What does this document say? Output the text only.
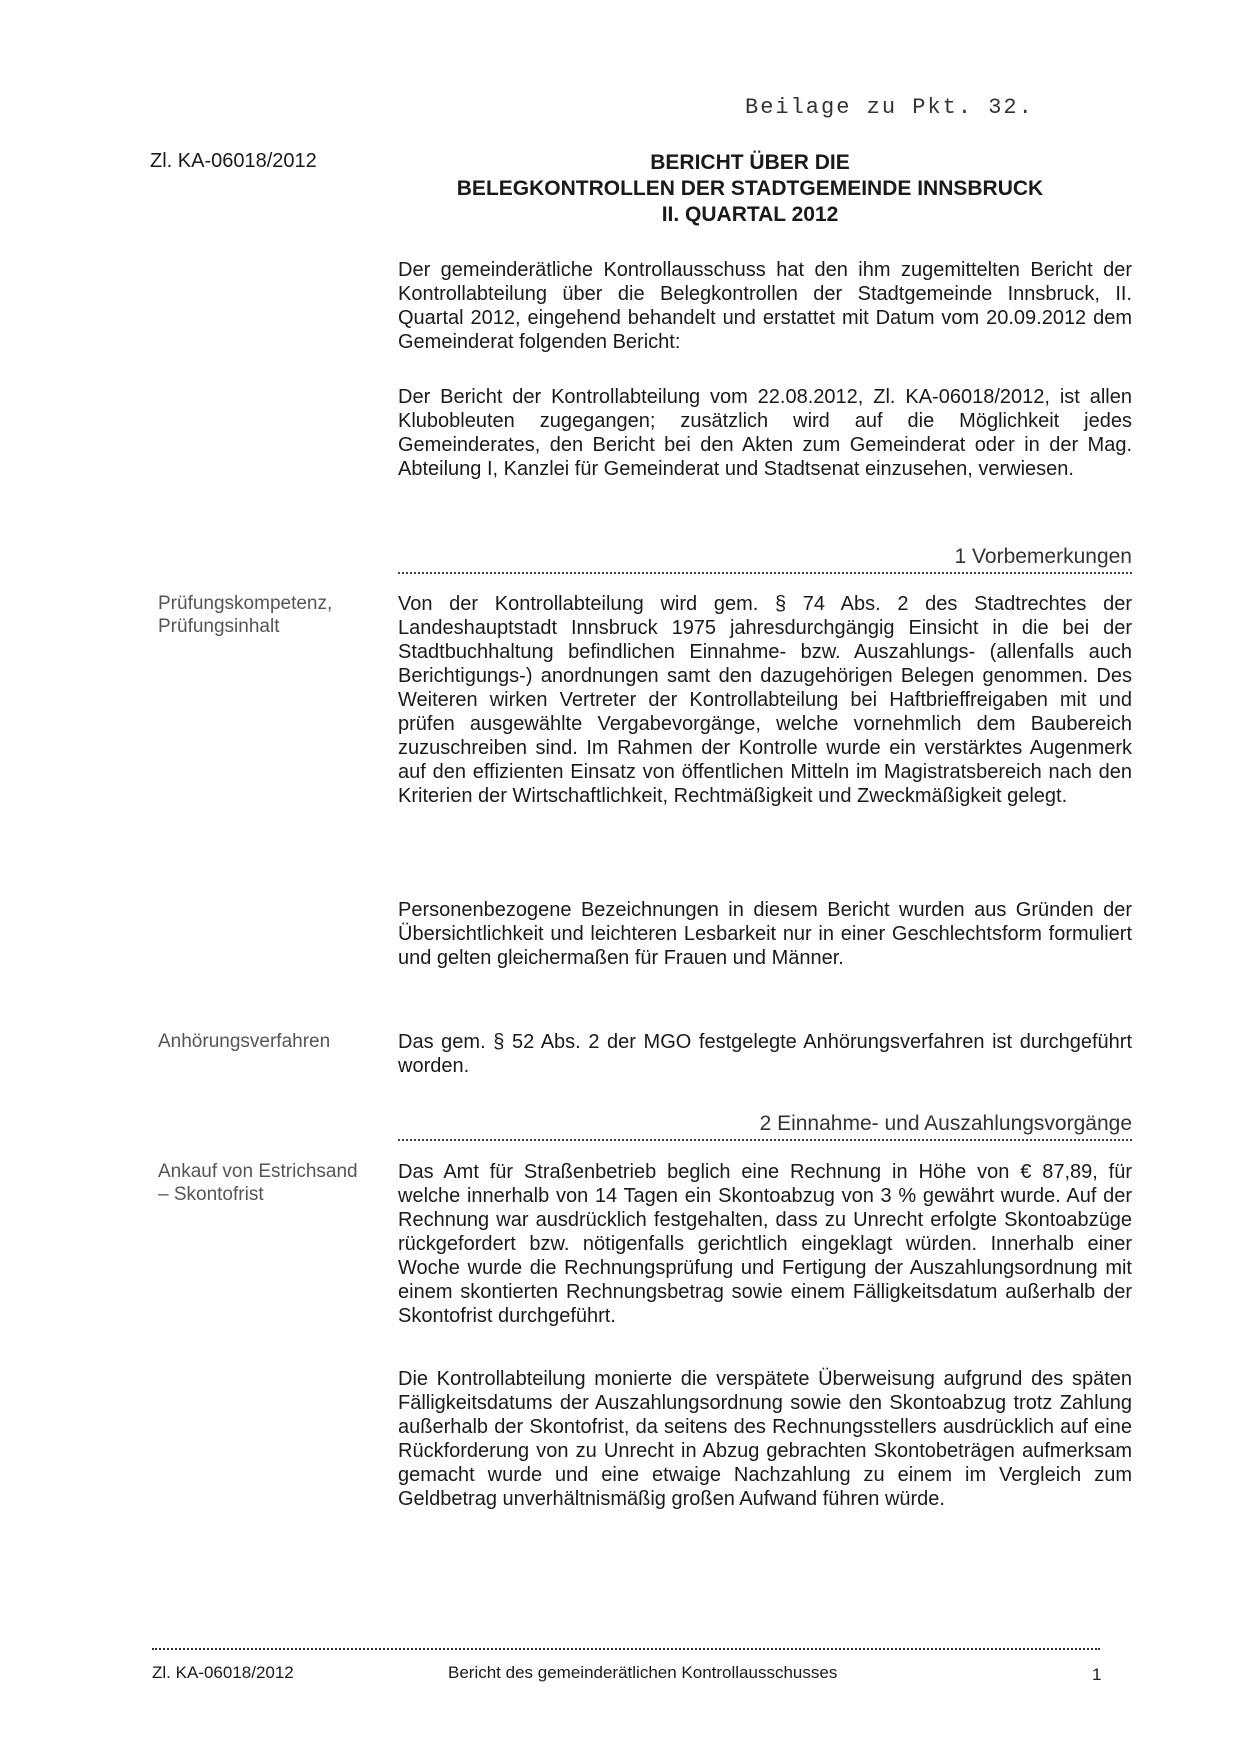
Beilage zu Pkt. 32.
Zl. KA-06018/2012	BERICHT ÜBER DIE
BELEGKONTROLLEN DER STADTGEMEINDE INNSBRUCK
II. QUARTAL 2012

Der gemeinderätliche Kontrollausschuss hat den ihm zugemittelten Bericht der Kontrollabteilung über die Belegkontrollen der Stadtgemeinde Innsbruck, II. Quartal 2012, eingehend behandelt und erstattet mit Datum vom 20.09.2012 dem Gemeinderat folgenden Bericht:

Der Bericht der Kontrollabteilung vom 22.08.2012, Zl. KA-06018/2012, ist allen Klubobleuten zugegangen; zusätzlich wird auf die Möglichkeit jedes Gemeinderates, den Bericht bei den Akten zum Gemeinderat oder in der Mag. Abteilung I, Kanzlei für Gemeinderat und Stadtsenat einzusehen, verwiesen.

1 Vorbemerkungen
Prüfungskompetenz, Prüfungsinhalt

Von der Kontrollabteilung wird gem. § 74 Abs. 2 des Stadtrechtes der Landeshauptstadt Innsbruck 1975 jahresdurchgängig Einsicht in die bei der Stadtbuchhaltung befindlichen Einnahme- bzw. Auszahlungs- (allenfalls auch Berichtigungs-) anordnungen samt den dazugehörigen Belegen genommen. Des Weiteren wirken Vertreter der Kontrollabteilung bei Haftbrieffreigaben mit und prüfen ausgewählte Vergabevorgänge, welche vornehmlich dem Baubereich zuzuschreiben sind. Im Rahmen der Kontrolle wurde ein verstärktes Augenmerk auf den effizienten Einsatz von öffentlichen Mitteln im Magistratsbereich nach den Kriterien der Wirtschaftlichkeit, Rechtmäßigkeit und Zweckmäßigkeit gelegt.

Personenbezogene Bezeichnungen in diesem Bericht wurden aus Gründen der Übersichtlichkeit und leichteren Lesbarkeit nur in einer Geschlechtsform formuliert und gelten gleichermaßen für Frauen und Männer.

Anhörungsverfahren	Das gem. § 52 Abs. 2 der MGO festgelegte Anhörungsverfahren ist durchgeführt worden.

2 Einnahme- und Auszahlungsvorgänge
Ankauf von Estrichsand – Skontofrist

Das Amt für Straßenbetrieb beglich eine Rechnung in Höhe von € 87,89, für welche innerhalb von 14 Tagen ein Skontoabzug von 3 % gewährt wurde. Auf der Rechnung war ausdrücklich festgehalten, dass zu Unrecht erfolgte Skontoabzüge rückgefordert bzw. nötigenfalls gerichtlich eingeklagt würden. Innerhalb einer Woche wurde die Rechnungsprüfung und Fertigung der Auszahlungsordnung mit einem skontierten Rechnungsbetrag sowie einem Fälligkeitsdatum außerhalb der Skontofrist durchgeführt.

Die Kontrollabteilung monierte die verspätete Überweisung aufgrund des späten Fälligkeitsdatums der Auszahlungsordnung sowie den Skontoabzug trotz Zahlung außerhalb der Skontofrist, da seitens des Rechnungsstellers ausdrücklich auf eine Rückforderung von zu Unrecht in Abzug gebrachten Skontobeträgen aufmerksam gemacht wurde und eine etwaige Nachzahlung zu einem im Vergleich zum Geldbetrag unverhältnismäßig großen Aufwand führen würde.

Zl. KA-06018/2012	Bericht des gemeinderätlichen Kontrollausschusses	1
